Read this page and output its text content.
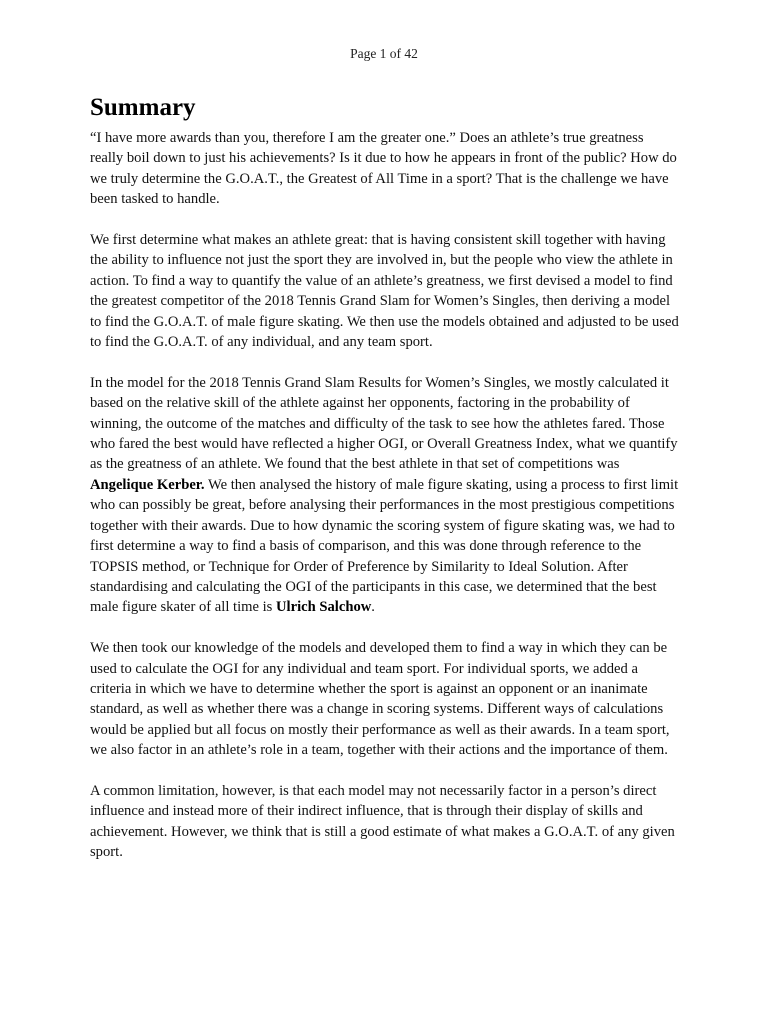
Page 1 of 42
Summary

“I have more awards than you, therefore I am the greater one.” Does an athlete’s true greatness really boil down to just his achievements? Is it due to how he appears in front of the public? How do we truly determine the G.O.A.T., the Greatest of All Time in a sport? That is the challenge we have been tasked to handle.

We first determine what makes an athlete great: that is having consistent skill together with having the ability to influence not just the sport they are involved in, but the people who view the athlete in action. To find a way to quantify the value of an athlete’s greatness, we first devised a model to find the greatest competitor of the 2018 Tennis Grand Slam for Women’s Singles, then deriving a model to find the G.O.A.T. of male figure skating. We then use the models obtained and adjusted to be used to find the G.O.A.T. of any individual, and any team sport.

In the model for the 2018 Tennis Grand Slam Results for Women’s Singles, we mostly calculated it based on the relative skill of the athlete against her opponents, factoring in the probability of winning, the outcome of the matches and difficulty of the task to see how the athletes fared. Those who fared the best would have reflected a higher OGI, or Overall Greatness Index, what we quantify as the greatness of an athlete. We found that the best athlete in that set of competitions was Angelique Kerber. We then analysed the history of male figure skating, using a process to first limit who can possibly be great, before analysing their performances in the most prestigious competitions together with their awards. Due to how dynamic the scoring system of figure skating was, we had to first determine a way to find a basis of comparison, and this was done through reference to the TOPSIS method, or Technique for Order of Preference by Similarity to Ideal Solution. After standardising and calculating the OGI of the participants in this case, we determined that the best male figure skater of all time is Ulrich Salchow.

We then took our knowledge of the models and developed them to find a way in which they can be used to calculate the OGI for any individual and team sport. For individual sports, we added a criteria in which we have to determine whether the sport is against an opponent or an inanimate standard, as well as whether there was a change in scoring systems. Different ways of calculations would be applied but all focus on mostly their performance as well as their awards. In a team sport, we also factor in an athlete’s role in a team, together with their actions and the importance of them.

A common limitation, however, is that each model may not necessarily factor in a person’s direct influence and instead more of their indirect influence, that is through their display of skills and achievement. However, we think that is still a good estimate of what makes a G.O.A.T. of any given sport.
